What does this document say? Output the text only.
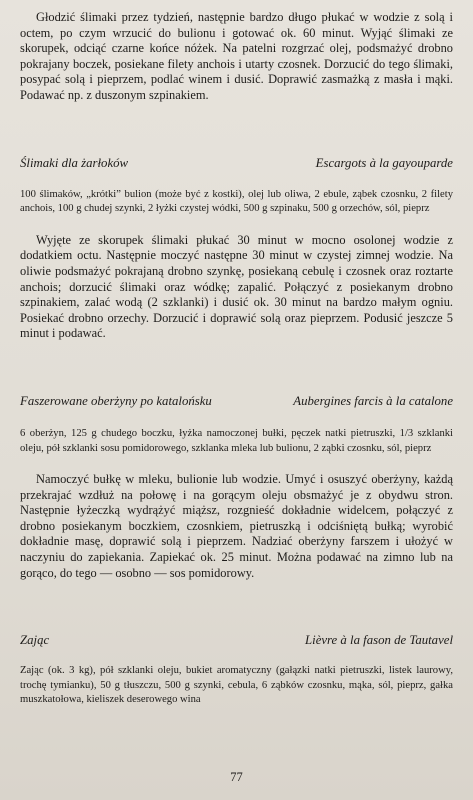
Głodzić ślimaki przez tydzień, następnie bardzo długo płukać w wodzie z solą i octem, po czym wrzucić do bulionu i gotować ok. 60 minut. Wyjąć ślimaki ze skorupek, odciąć czarne końce nóżek. Na patelni rozgrzać olej, podsmażyć drobno pokrajany boczek, posiekane filety anchois i utarty czosnek. Dorzucić do tego ślimaki, posypać solą i pieprzem, podlać winem i dusić. Doprawić zasmażką z masła i mąki. Podawać np. z duszonym szpinakiem.

Ślimaki dla żarłoków	Escargots à la gayouparde

100 ślimaków, „krótki” bulion (może być z kostki), olej lub oliwa, 2 ebule, ząbek czosnku, 2 filety anchois, 100 g chudej szynki, 2 łyżki czystej wódki, 500 g szpinaku, 500 g orzechów, sól, pieprz

Wyjęte ze skorupek ślimaki płukać 30 minut w mocno osolonej wodzie z dodatkiem octu. Następnie moczyć następne 30 minut w czystej zimnej wodzie. Na oliwie podsmażyć pokrajaną drobno szynkę, posiekaną cebulę i czosnek oraz roztarte anchois; dorzucić ślimaki oraz wódkę; zapalić. Połączyć z posiekanym drobno szpinakiem, zalać wodą (2 szklanki) i dusić ok. 30 minut na bardzo małym ogniu. Posiekać drobno orzechy. Dorzucić i doprawić solą oraz pieprzem. Podusić jeszcze 5 minut i podawać.

Faszerowane oberżyny po katalońsku	Aubergines farcis à la catalone

6 oberżyn, 125 g chudego boczku, łyżka namoczonej bułki, pęczek natki pietruszki, 1/3 szklanki oleju, pół szklanki sosu pomidorowego, szklanka mleka lub bulionu, 2 ząbki czosnku, sól, pieprz

Namoczyć bułkę w mleku, bulionie lub wodzie. Umyć i osuszyć oberżyny, każdą przekrajać wzdłuż na połowę i na gorącym oleju obsmażyć je z obydwu stron. Następnie łyżeczką wydrążyć miąższ, rozgnieść dokładnie widelcem, połączyć z drobno posiekanym boczkiem, czosnkiem, pietruszką i odciśniętą bułką; wyrobić dokładnie masę, doprawić solą i pieprzem. Nadziać oberżyny farszem i ułożyć w naczyniu do zapiekania. Zapiekać ok. 25 minut. Można podawać na zimno lub na gorąco, do tego — osobno — sos pomidorowy.

Zając	Lièvre à la fason de Tautavel

Zając (ok. 3 kg), pół szklanki oleju, bukiet aromatyczny (gałązki natki pietruszki, listek laurowy, trochę tymianku), 50 g tłuszczu, 500 g szynki, cebula, 6 ząbków czosnku, mąka, sól, pieprz, gałka muszkatołowa, kieliszek deserowego wina

77
